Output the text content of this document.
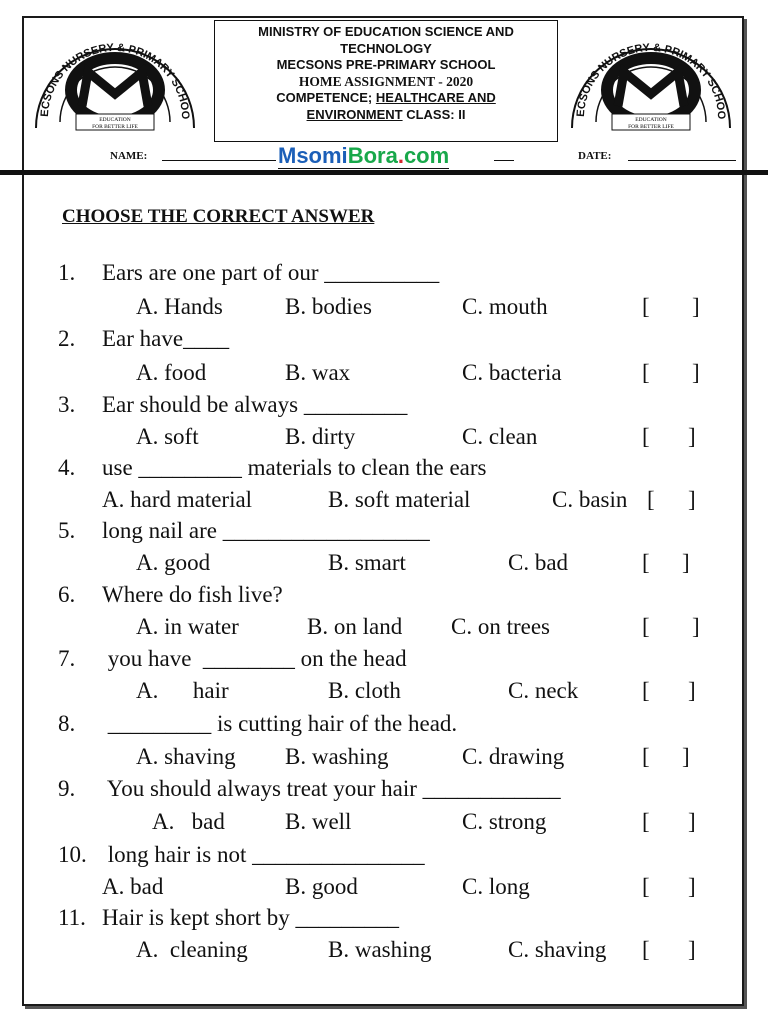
ECSONS NURSERY & PRIMARY SCHOO
EDUCATION
FOR BETTER LIFE
ECSONS NURSERY & PRIMARY SCHOO
EDUCATION
FOR BETTER LIFE
MINISTRY OF EDUCATION SCIENCE AND
TECHNOLOGY
MECSONS PRE-PRIMARY SCHOOL
HOME ASSIGNMENT - 2020
COMPETENCE; HEALTHCARE AND
ENVIRONMENT CLASS: II
NAME:	MsomiBora.com	DATE:
CHOOSE THE CORRECT ANSWER
1. Ears are one part of our __________
A. Hands	B. bodies	C. mouth	[ ]
2. Ear have____
A. food	B. wax	C. bacteria	[ ]
3. Ear should be always _________
A. soft	B. dirty	C. clean	[ ]
4. use _________ materials to clean the ears
A. hard material	B. soft material	C. basin [ ]
5. long nail are __________________
A. good	B. smart	C. bad	[ ]
6. Where do fish live?
A. in water	B. on land C. on trees	[ ]
7. you have  ________ on the head
A.      hair	B. cloth	C. neck	[ ]
8. _________ is cutting hair of the head.
A. shaving B. washing	C. drawing	[ ]
9. You should always treat your hair ____________
A.   bad	B. well	C. strong	[ ]
10. long hair is not _______________
A. bad	B. good	C. long	[ ]
11. Hair is kept short by _________
A.  cleaning	B. washing	C. shaving [ ]
